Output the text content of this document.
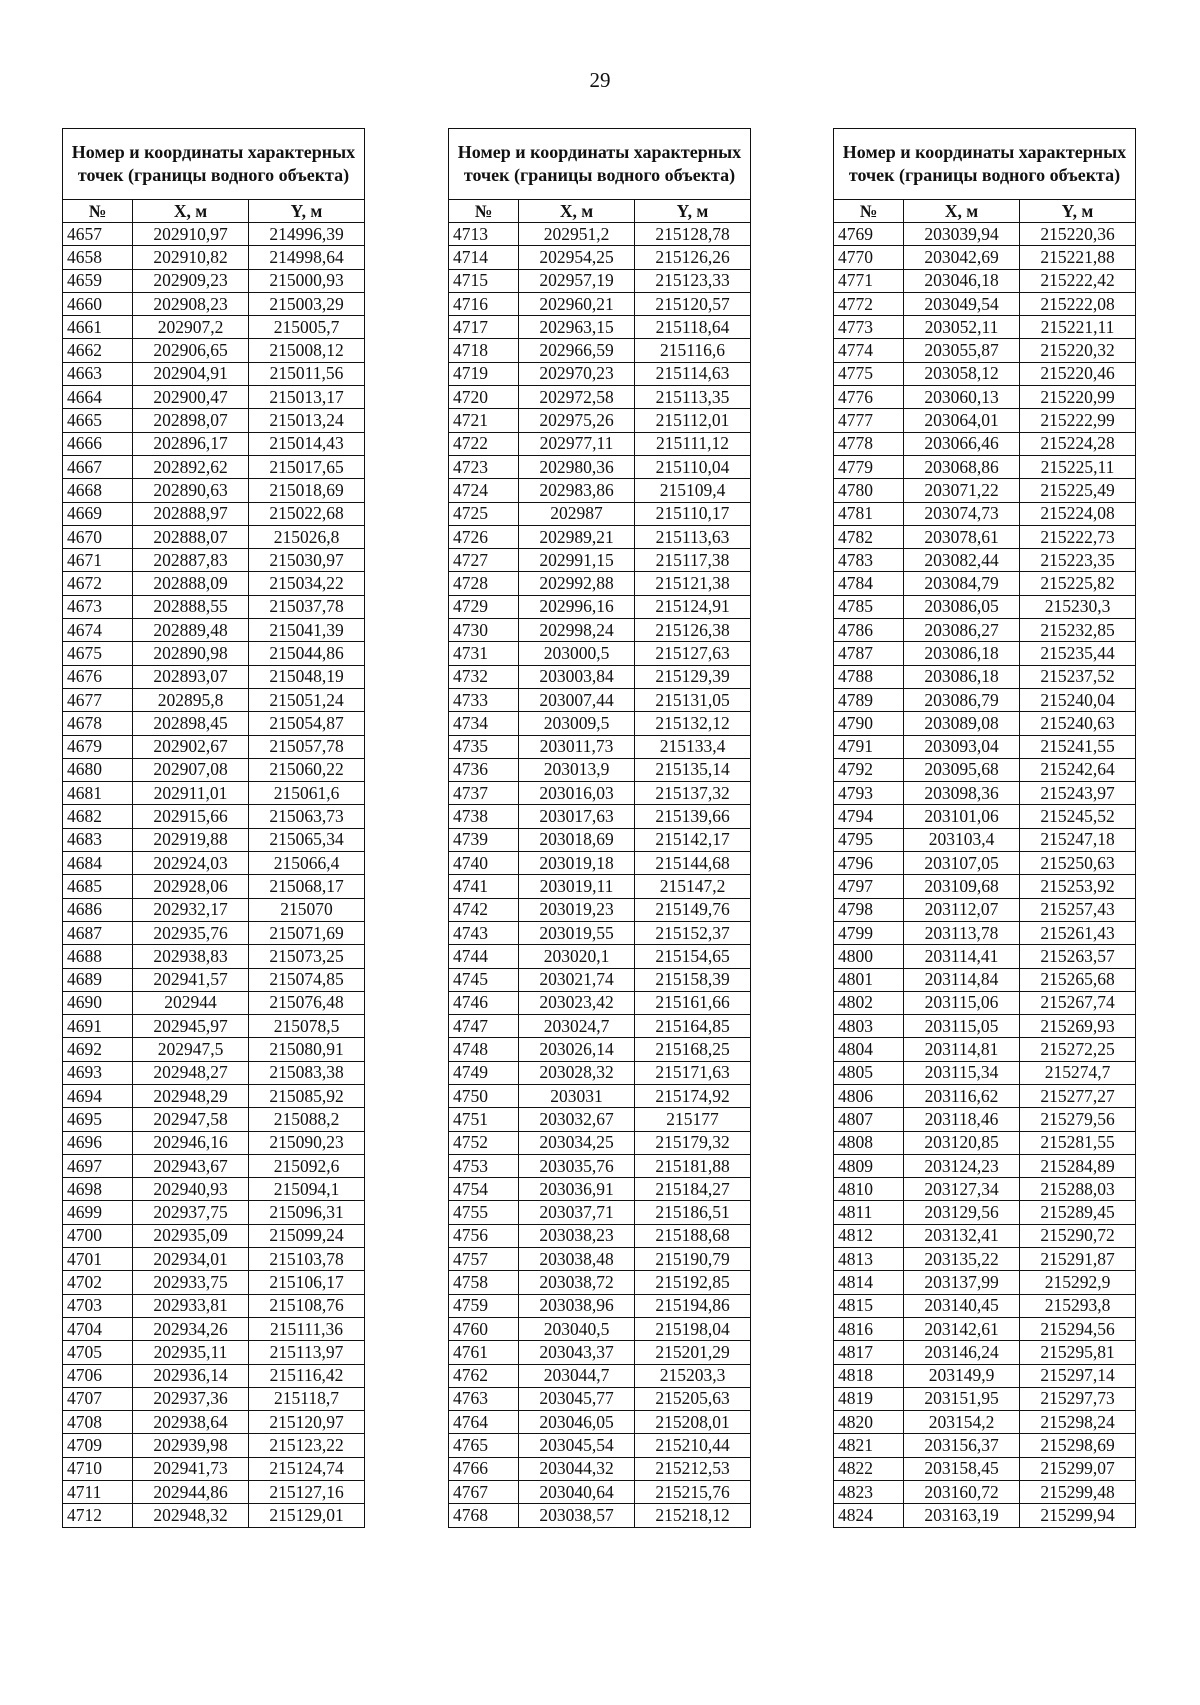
29
Номер и координаты характерных точек (границы водного объекта)		
№	X, м	Y, м
4657	202910,97	214996,39
4658	202910,82	214998,64
4659	202909,23	215000,93
4660	202908,23	215003,29
4661	202907,2	215005,7
4662	202906,65	215008,12
4663	202904,91	215011,56
4664	202900,47	215013,17
4665	202898,07	215013,24
4666	202896,17	215014,43
4667	202892,62	215017,65
4668	202890,63	215018,69
4669	202888,97	215022,68
4670	202888,07	215026,8
4671	202887,83	215030,97
4672	202888,09	215034,22
4673	202888,55	215037,78
4674	202889,48	215041,39
4675	202890,98	215044,86
4676	202893,07	215048,19
4677	202895,8	215051,24
4678	202898,45	215054,87
4679	202902,67	215057,78
4680	202907,08	215060,22
4681	202911,01	215061,6
4682	202915,66	215063,73
4683	202919,88	215065,34
4684	202924,03	215066,4
4685	202928,06	215068,17
4686	202932,17	215070
4687	202935,76	215071,69
4688	202938,83	215073,25
4689	202941,57	215074,85
4690	202944	215076,48
4691	202945,97	215078,5
4692	202947,5	215080,91
4693	202948,27	215083,38
4694	202948,29	215085,92
4695	202947,58	215088,2
4696	202946,16	215090,23
4697	202943,67	215092,6
4698	202940,93	215094,1
4699	202937,75	215096,31
4700	202935,09	215099,24
4701	202934,01	215103,78
4702	202933,75	215106,17
4703	202933,81	215108,76
4704	202934,26	215111,36
4705	202935,11	215113,97
4706	202936,14	215116,42
4707	202937,36	215118,7
4708	202938,64	215120,97
4709	202939,98	215123,22
4710	202941,73	215124,74
4711	202944,86	215127,16
4712	202948,32	215129,01
Номер и координаты характерных точек (границы водного объекта)		
№	X, м	Y, м
4713	202951,2	215128,78
4714	202954,25	215126,26
4715	202957,19	215123,33
4716	202960,21	215120,57
4717	202963,15	215118,64
4718	202966,59	215116,6
4719	202970,23	215114,63
4720	202972,58	215113,35
4721	202975,26	215112,01
4722	202977,11	215111,12
4723	202980,36	215110,04
4724	202983,86	215109,4
4725	202987	215110,17
4726	202989,21	215113,63
4727	202991,15	215117,38
4728	202992,88	215121,38
4729	202996,16	215124,91
4730	202998,24	215126,38
4731	203000,5	215127,63
4732	203003,84	215129,39
4733	203007,44	215131,05
4734	203009,5	215132,12
4735	203011,73	215133,4
4736	203013,9	215135,14
4737	203016,03	215137,32
4738	203017,63	215139,66
4739	203018,69	215142,17
4740	203019,18	215144,68
4741	203019,11	215147,2
4742	203019,23	215149,76
4743	203019,55	215152,37
4744	203020,1	215154,65
4745	203021,74	215158,39
4746	203023,42	215161,66
4747	203024,7	215164,85
4748	203026,14	215168,25
4749	203028,32	215171,63
4750	203031	215174,92
4751	203032,67	215177
4752	203034,25	215179,32
4753	203035,76	215181,88
4754	203036,91	215184,27
4755	203037,71	215186,51
4756	203038,23	215188,68
4757	203038,48	215190,79
4758	203038,72	215192,85
4759	203038,96	215194,86
4760	203040,5	215198,04
4761	203043,37	215201,29
4762	203044,7	215203,3
4763	203045,77	215205,63
4764	203046,05	215208,01
4765	203045,54	215210,44
4766	203044,32	215212,53
4767	203040,64	215215,76
4768	203038,57	215218,12
Номер и координаты характерных точек (границы водного объекта)		
№	X, м	Y, м
4769	203039,94	215220,36
4770	203042,69	215221,88
4771	203046,18	215222,42
4772	203049,54	215222,08
4773	203052,11	215221,11
4774	203055,87	215220,32
4775	203058,12	215220,46
4776	203060,13	215220,99
4777	203064,01	215222,99
4778	203066,46	215224,28
4779	203068,86	215225,11
4780	203071,22	215225,49
4781	203074,73	215224,08
4782	203078,61	215222,73
4783	203082,44	215223,35
4784	203084,79	215225,82
4785	203086,05	215230,3
4786	203086,27	215232,85
4787	203086,18	215235,44
4788	203086,18	215237,52
4789	203086,79	215240,04
4790	203089,08	215240,63
4791	203093,04	215241,55
4792	203095,68	215242,64
4793	203098,36	215243,97
4794	203101,06	215245,52
4795	203103,4	215247,18
4796	203107,05	215250,63
4797	203109,68	215253,92
4798	203112,07	215257,43
4799	203113,78	215261,43
4800	203114,41	215263,57
4801	203114,84	215265,68
4802	203115,06	215267,74
4803	203115,05	215269,93
4804	203114,81	215272,25
4805	203115,34	215274,7
4806	203116,62	215277,27
4807	203118,46	215279,56
4808	203120,85	215281,55
4809	203124,23	215284,89
4810	203127,34	215288,03
4811	203129,56	215289,45
4812	203132,41	215290,72
4813	203135,22	215291,87
4814	203137,99	215292,9
4815	203140,45	215293,8
4816	203142,61	215294,56
4817	203146,24	215295,81
4818	203149,9	215297,14
4819	203151,95	215297,73
4820	203154,2	215298,24
4821	203156,37	215298,69
4822	203158,45	215299,07
4823	203160,72	215299,48
4824	203163,19	215299,94
